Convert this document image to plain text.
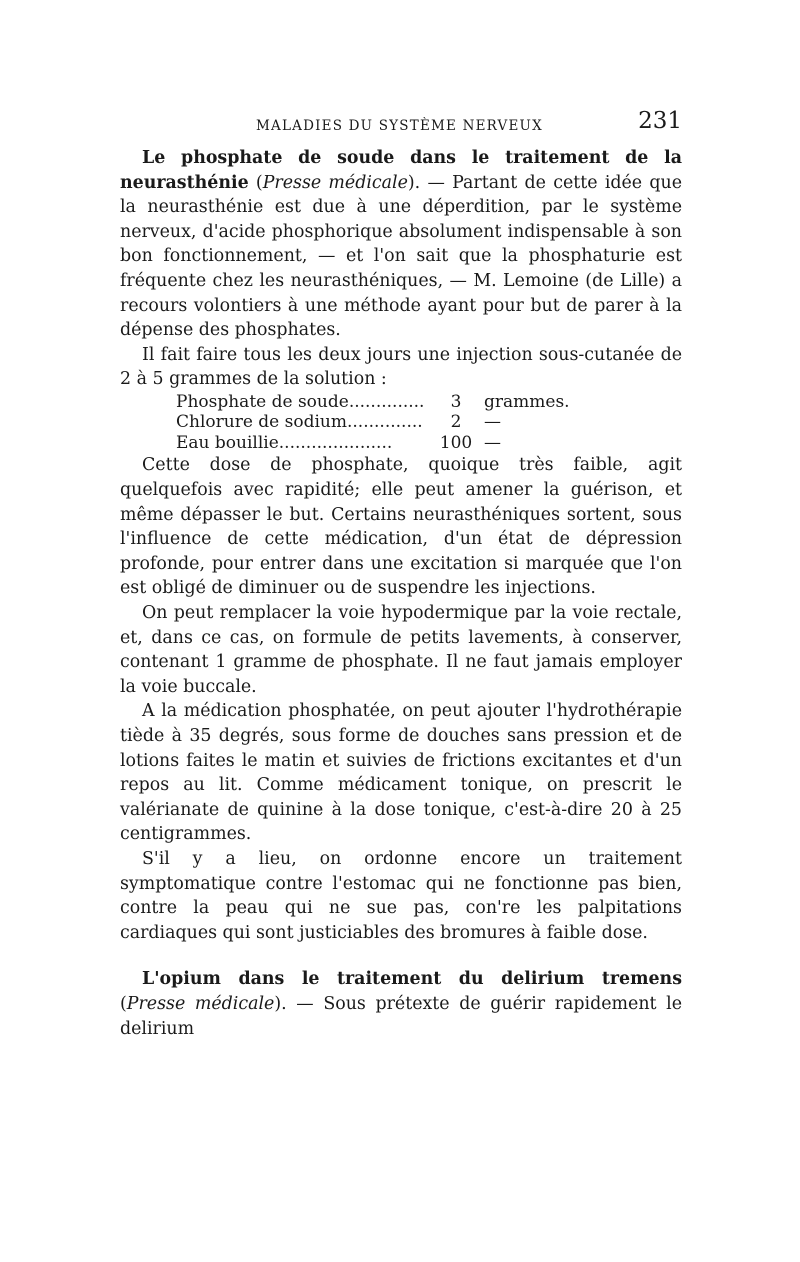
MALADIES DU SYSTÈME NERVEUX	231

Le phosphate de soude dans le traitement de la neurasthénie (Presse médicale). — Partant de cette idée que la neurasthénie est due à une déperdition, par le système nerveux, d'acide phosphorique absolument indispensable à son bon fonctionnement, — et l'on sait que la phosphaturie est fréquente chez les neurasthéniques, — M. Lemoine (de Lille) a recours volontiers à une méthode ayant pour but de parer à la dépense des phosphates.

Il fait faire tous les deux jours une injection sous-cutanée de 2 à 5 grammes de la solution :

Phosphate de soude..............	3	grammes.
Chlorure de sodium..............	2	—
Eau bouillie.....................	100 —

Cette dose de phosphate, quoique très faible, agit quelquefois avec rapidité; elle peut amener la guérison, et même dépasser le but. Certains neurasthéniques sortent, sous l'influence de cette médication, d'un état de dépression profonde, pour entrer dans une excitation si marquée que l'on est obligé de diminuer ou de suspendre les injections.

On peut remplacer la voie hypodermique par la voie rectale, et, dans ce cas, on formule de petits lavements, à conserver, contenant 1 gramme de phosphate. Il ne faut jamais employer la voie buccale.

A la médication phosphatée, on peut ajouter l'hydrothérapie tiède à 35 degrés, sous forme de douches sans pression et de lotions faites le matin et suivies de frictions excitantes et d'un repos au lit. Comme médicament tonique, on prescrit le valérianate de quinine à la dose tonique, c'est-à-dire 20 à 25 centigrammes.

S'il y a lieu, on ordonne encore un traitement symptomatique contre l'estomac qui ne fonctionne pas bien, contre la peau qui ne sue pas, con're les palpitations cardiaques qui sont justiciables des bromures à faible dose.

L'opium dans le traitement du delirium tremens (Presse médicale). — Sous prétexte de guérir rapidement le delirium
